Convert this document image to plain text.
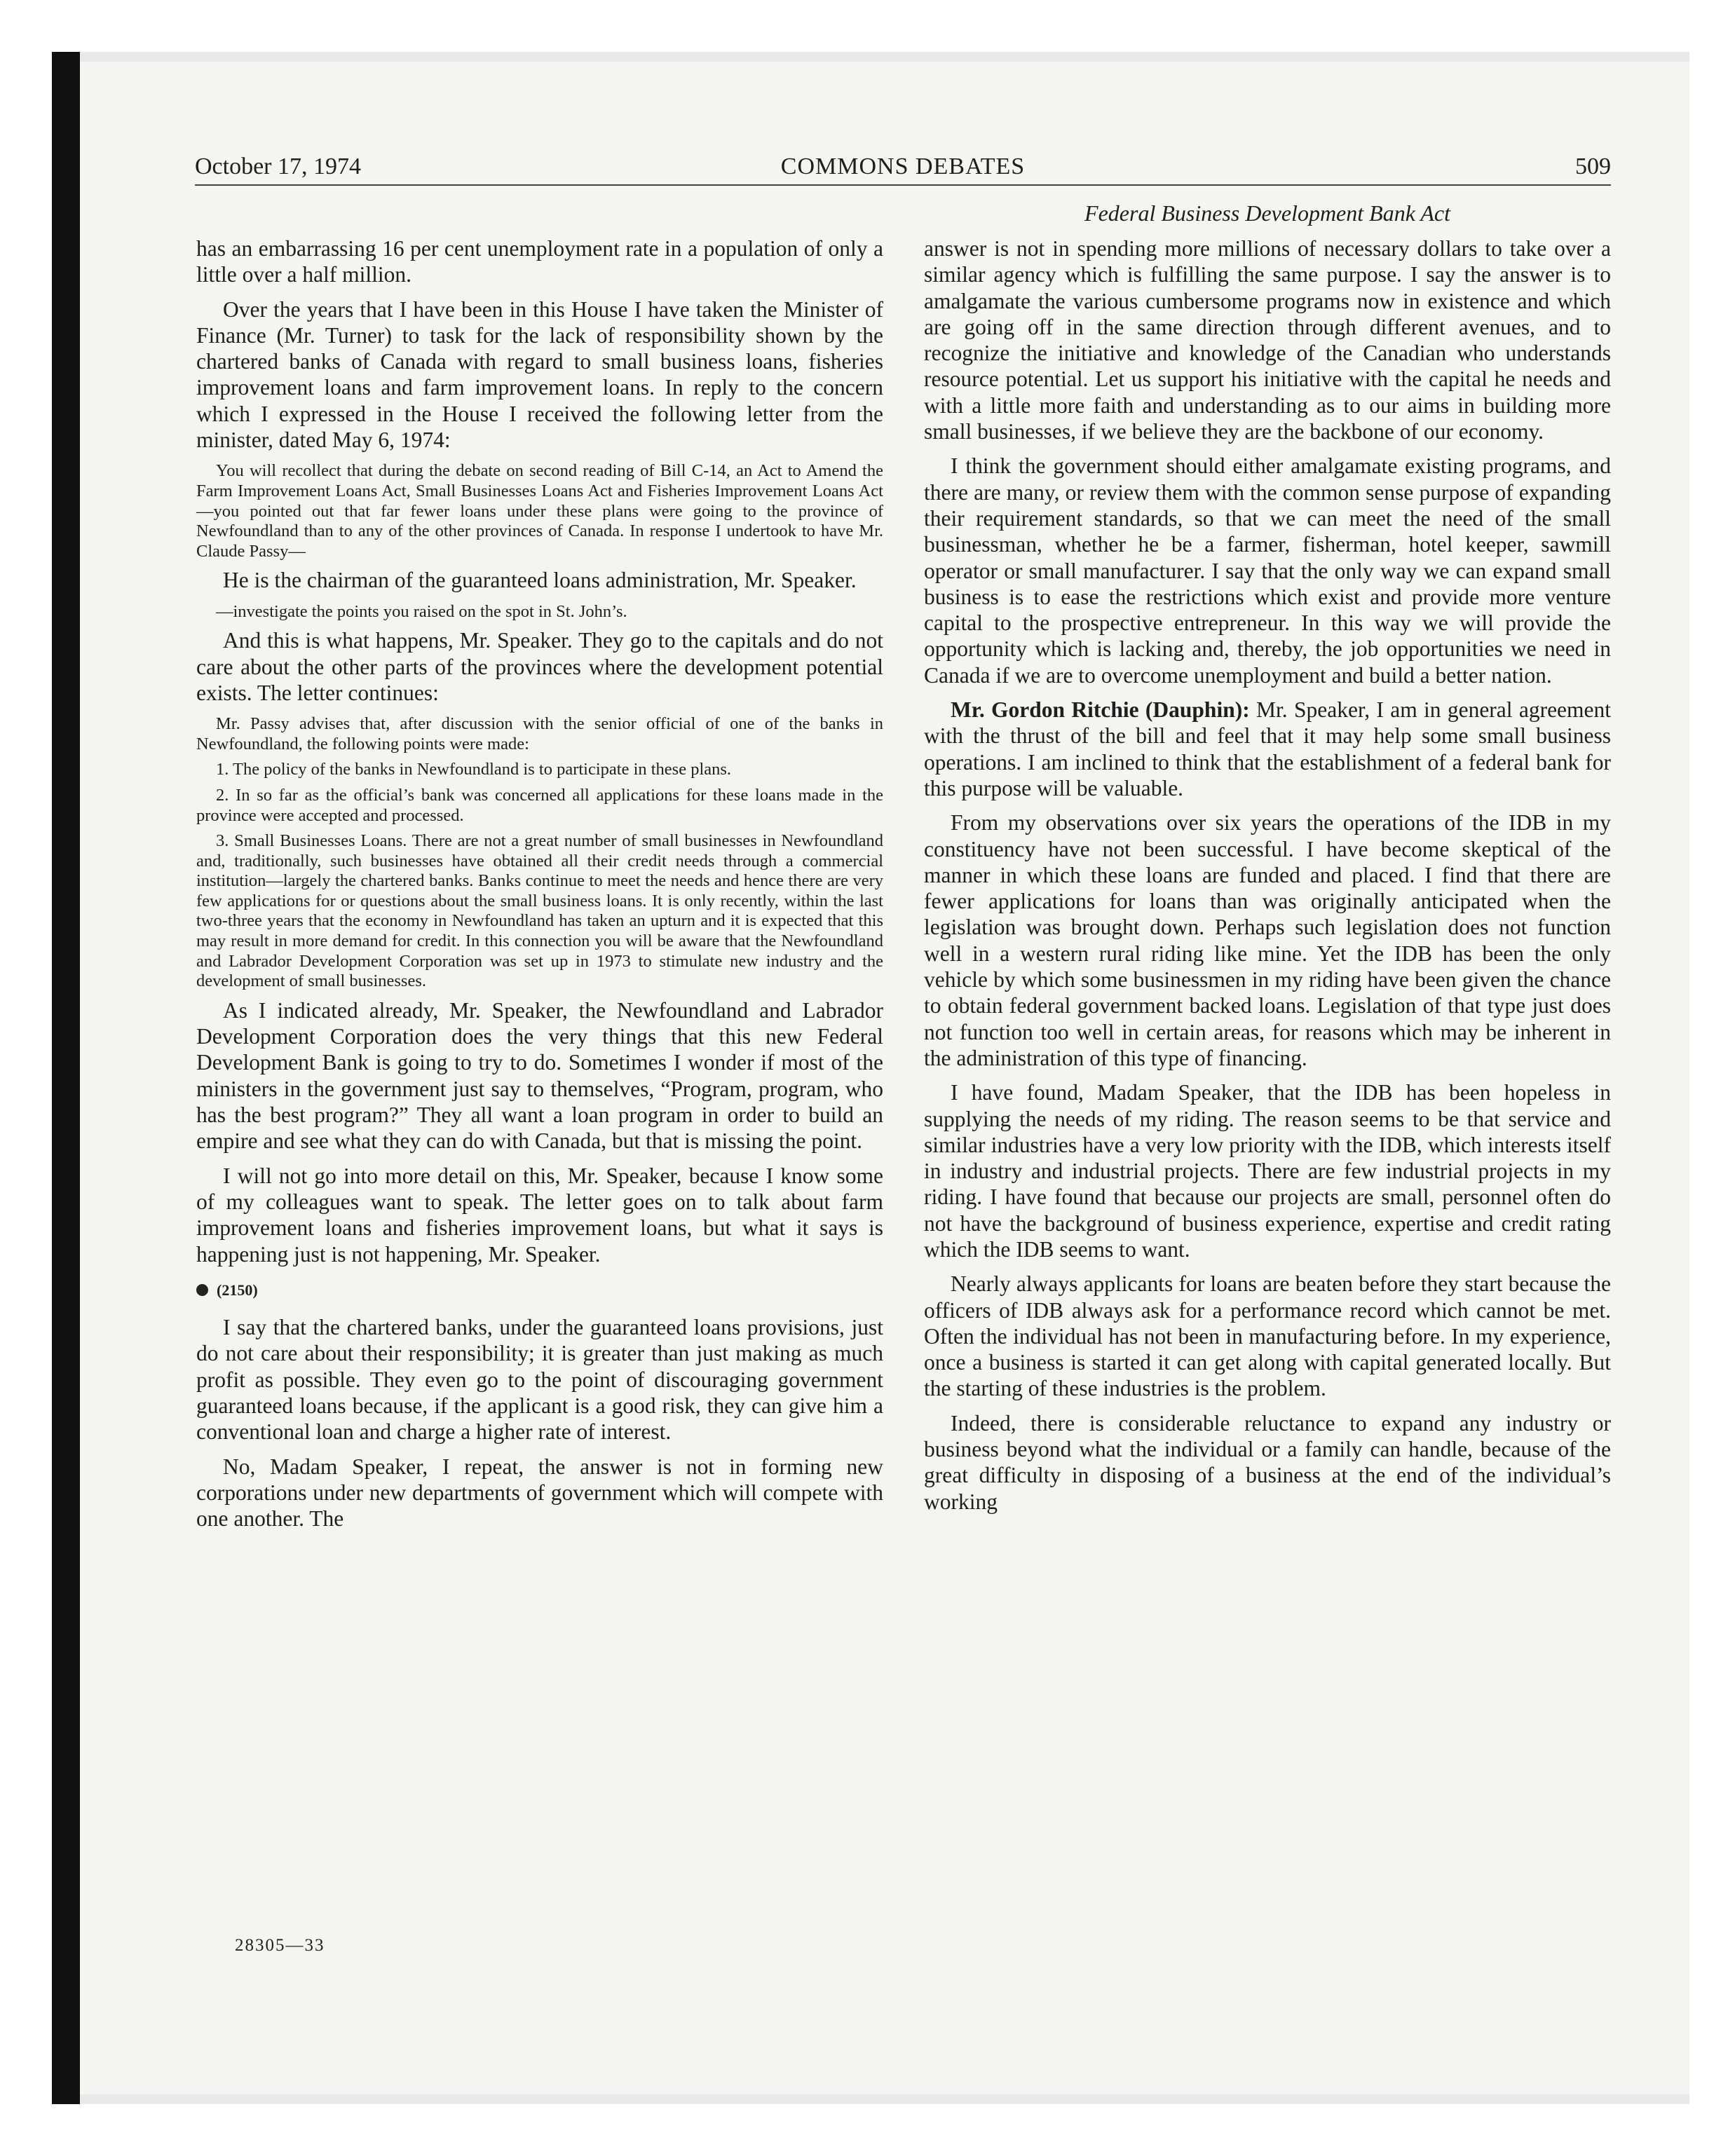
October 17, 1974	COMMONS DEBATES	509
Federal Business Development Bank Act

has an embarrassing 16 per cent unemployment rate in a population of only a little over a half million.

Over the years that I have been in this House I have taken the Minister of Finance (Mr. Turner) to task for the lack of responsibility shown by the chartered banks of Canada with regard to small business loans, fisheries improvement loans and farm improvement loans. In reply to the concern which I expressed in the House I received the following letter from the minister, dated May 6, 1974:

You will recollect that during the debate on second reading of Bill C-14, an Act to Amend the Farm Improvement Loans Act, Small Businesses Loans Act and Fisheries Improvement Loans Act—you pointed out that far fewer loans under these plans were going to the province of Newfoundland than to any of the other provinces of Canada. In response I undertook to have Mr. Claude Passy—

He is the chairman of the guaranteed loans administration, Mr. Speaker.

—investigate the points you raised on the spot in St. John’s.

And this is what happens, Mr. Speaker. They go to the capitals and do not care about the other parts of the provinces where the development potential exists. The letter continues:

Mr. Passy advises that, after discussion with the senior official of one of the banks in Newfoundland, the following points were made:

1. The policy of the banks in Newfoundland is to participate in these plans.

2. In so far as the official’s bank was concerned all applications for these loans made in the province were accepted and processed.

3. Small Businesses Loans. There are not a great number of small businesses in Newfoundland and, traditionally, such businesses have obtained all their credit needs through a commercial institution—largely the chartered banks. Banks continue to meet the needs and hence there are very few applications for or questions about the small business loans. It is only recently, within the last two-three years that the economy in Newfoundland has taken an upturn and it is expected that this may result in more demand for credit. In this connection you will be aware that the Newfoundland and Labrador Development Corporation was set up in 1973 to stimulate new industry and the development of small businesses.

As I indicated already, Mr. Speaker, the Newfoundland and Labrador Development Corporation does the very things that this new Federal Development Bank is going to try to do. Sometimes I wonder if most of the ministers in the government just say to themselves, “Program, program, who has the best program?” They all want a loan program in order to build an empire and see what they can do with Canada, but that is missing the point.

I will not go into more detail on this, Mr. Speaker, because I know some of my colleagues want to speak. The letter goes on to talk about farm improvement loans and fisheries improvement loans, but what it says is happening just is not happening, Mr. Speaker.

(2150)

I say that the chartered banks, under the guaranteed loans provisions, just do not care about their responsibility; it is greater than just making as much profit as possible. They even go to the point of discouraging government guaranteed loans because, if the applicant is a good risk, they can give him a conventional loan and charge a higher rate of interest.

No, Madam Speaker, I repeat, the answer is not in forming new corporations under new departments of government which will compete with one another. The

answer is not in spending more millions of necessary dollars to take over a similar agency which is fulfilling the same purpose. I say the answer is to amalgamate the various cumbersome programs now in existence and which are going off in the same direction through different avenues, and to recognize the initiative and knowledge of the Canadian who understands resource potential. Let us support his initiative with the capital he needs and with a little more faith and understanding as to our aims in building more small businesses, if we believe they are the backbone of our economy.

I think the government should either amalgamate existing programs, and there are many, or review them with the common sense purpose of expanding their requirement standards, so that we can meet the need of the small businessman, whether he be a farmer, fisherman, hotel keeper, sawmill operator or small manufacturer. I say that the only way we can expand small business is to ease the restrictions which exist and provide more venture capital to the prospective entrepreneur. In this way we will provide the opportunity which is lacking and, thereby, the job opportunities we need in Canada if we are to overcome unemployment and build a better nation.

Mr. Gordon Ritchie (Dauphin): Mr. Speaker, I am in general agreement with the thrust of the bill and feel that it may help some small business operations. I am inclined to think that the establishment of a federal bank for this purpose will be valuable.

From my observations over six years the operations of the IDB in my constituency have not been successful. I have become skeptical of the manner in which these loans are funded and placed. I find that there are fewer applications for loans than was originally anticipated when the legislation was brought down. Perhaps such legislation does not function well in a western rural riding like mine. Yet the IDB has been the only vehicle by which some businessmen in my riding have been given the chance to obtain federal government backed loans. Legislation of that type just does not function too well in certain areas, for reasons which may be inherent in the administration of this type of financing.

I have found, Madam Speaker, that the IDB has been hopeless in supplying the needs of my riding. The reason seems to be that service and similar industries have a very low priority with the IDB, which interests itself in industry and industrial projects. There are few industrial projects in my riding. I have found that because our projects are small, personnel often do not have the background of business experience, expertise and credit rating which the IDB seems to want.

Nearly always applicants for loans are beaten before they start because the officers of IDB always ask for a performance record which cannot be met. Often the individual has not been in manufacturing before. In my experience, once a business is started it can get along with capital generated locally. But the starting of these industries is the problem.

Indeed, there is considerable reluctance to expand any industry or business beyond what the individual or a family can handle, because of the great difficulty in disposing of a business at the end of the individual’s working

28305—33
